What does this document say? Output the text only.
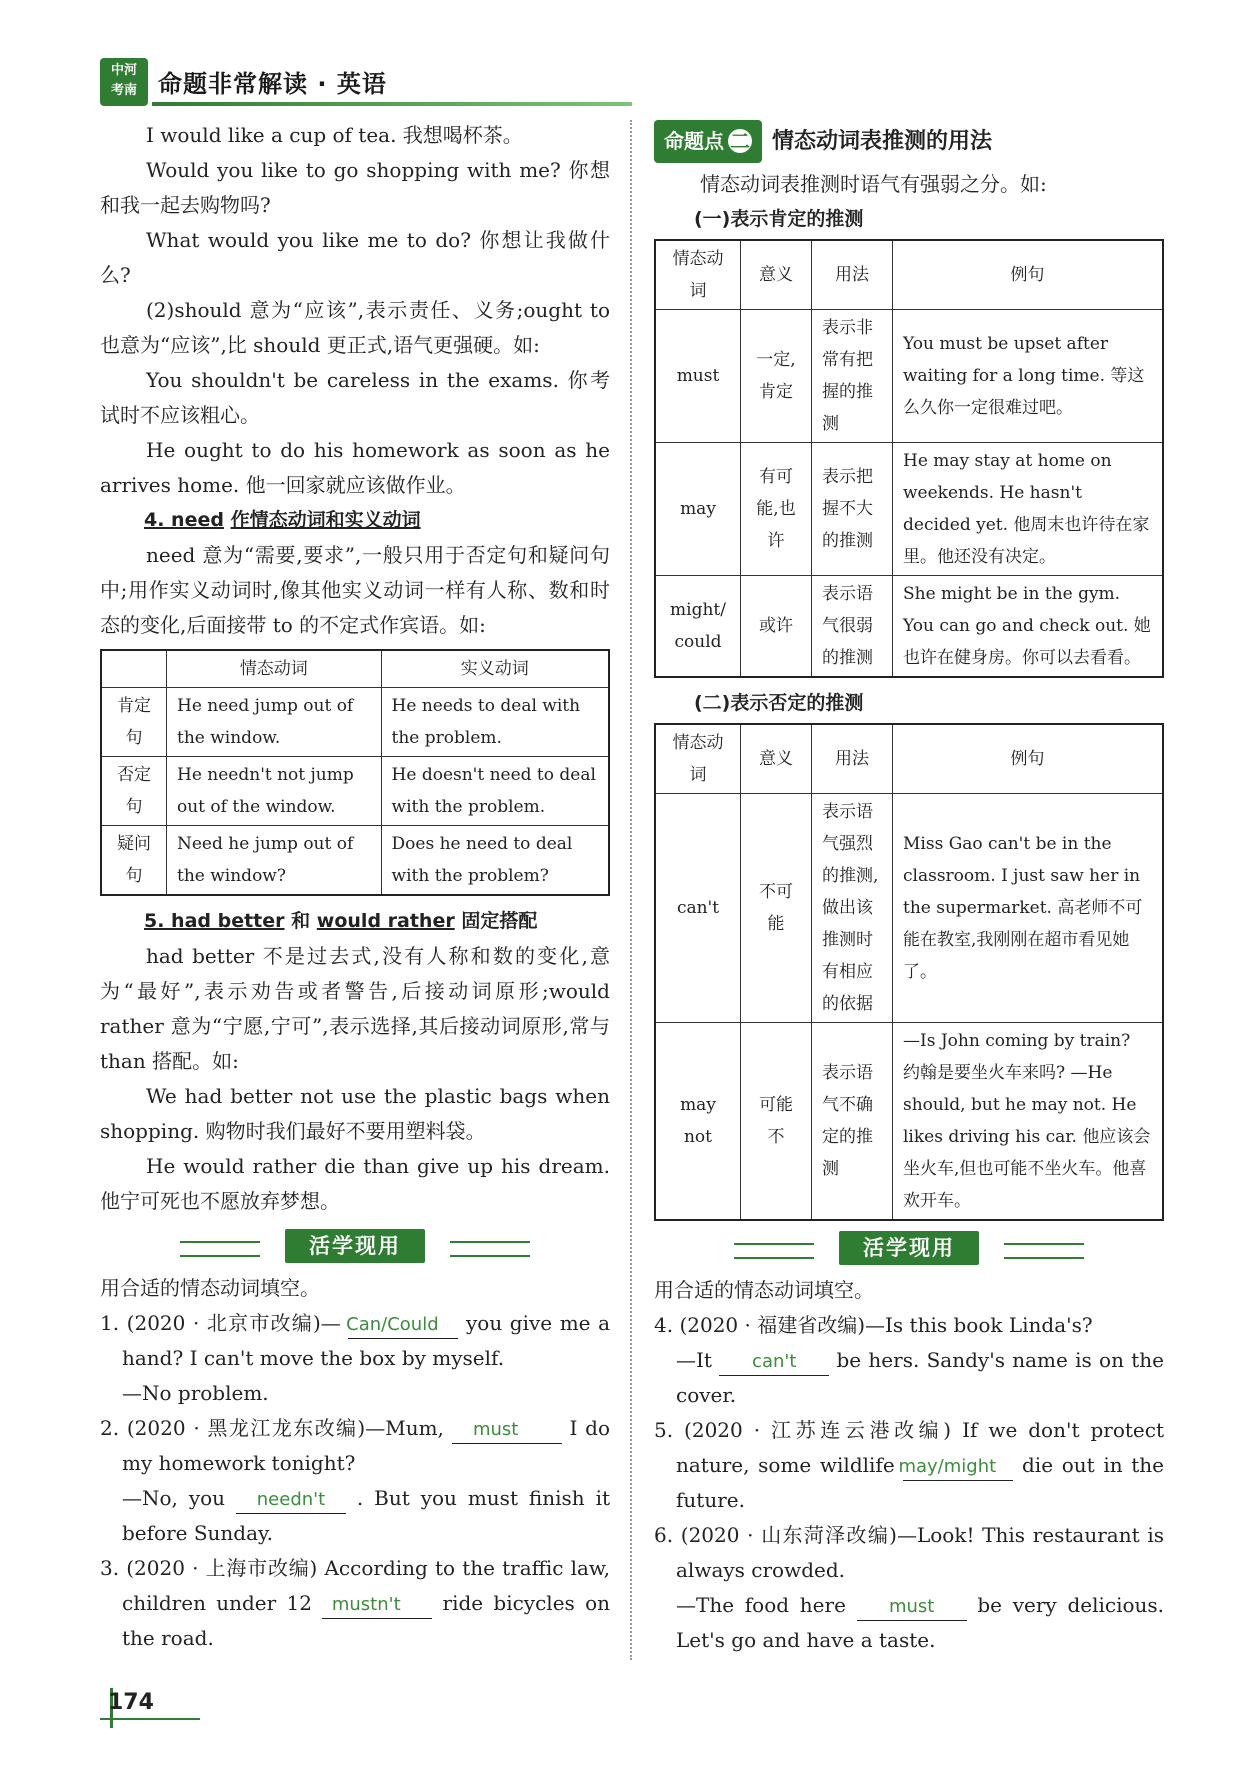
中河
考南 命题非常解读 · 英语

I would like a cup of tea. 我想喝杯茶。

Would you like to go shopping with me? 你想和我一起去购物吗?

What would you like me to do? 你想让我做什么?

(2)should 意为“应该”,表示责任、义务;ought to 也意为“应该”,比 should 更正式,语气更强硬。如:

You shouldn't be careless in the exams. 你考试时不应该粗心。

He ought to do his homework as soon as he arrives home. 他一回家就应该做作业。

4. need 作情态动词和实义动词

need 意为“需要,要求”,一般只用于否定句和疑问句中;用作实义动词时,像其他实义动词一样有人称、数和时态的变化,后面接带 to 的不定式作宾语。如:

	情态动词	实义动词
肯定句	He need jump out of the window.	He needs to deal with the problem.
否定句	He needn't not jump out of the window.	He doesn't need to deal with the problem.
疑问句	Need he jump out of the window?	Does he need to deal with the problem?

5. had better 和 would rather 固定搭配

had better 不是过去式,没有人称和数的变化,意为“最好”,表示劝告或者警告,后接动词原形;would rather 意为“宁愿,宁可”,表示选择,其后接动词原形,常与 than 搭配。如:

We had better not use the plastic bags when shopping. 购物时我们最好不要用塑料袋。

He would rather die than give up his dream. 他宁可死也不愿放弃梦想。

活学现用

用合适的情态动词填空。

1. (2020 · 北京市改编)— Can/Could you give me a hand? I can't move the box by myself.

—No problem.

2. (2020 · 黑龙江龙东改编)—Mum, must	I do my homework tonight?

—No, you needn't . But you must finish it before Sunday.

3. (2020 · 上海市改编) According to the traffic law, children under 12 mustn't ride bicycles on the road.

命题点 二	情态动词表推测的用法

情态动词表推测时语气有强弱之分。如:

(一)表示肯定的推测

情态动词	意义	用法	例句
must	一定,肯定	表示非常有把握的推测	You must be upset after waiting for a long time. 等这么久你一定很难过吧。
may	有可能,也许	表示把握不大的推测	He may stay at home on weekends. He hasn't decided yet. 他周末也许待在家里。他还没有决定。
might/ could	或许	表示语气很弱的推测	She might be in the gym. You can go and check out. 她也许在健身房。你可以去看看。

(二)表示否定的推测

情态动词	意义	用法	例句
can't	不可能	表示语气强烈的推测,做出该推测时有相应的依据	Miss Gao can't be in the classroom. I just saw her in the supermarket. 高老师不可能在教室,我刚刚在超市看见她了。
may not	可能不	表示语气不确定的推测	—Is John coming by train? 约翰是要坐火车来吗? —He should, but he may not. He likes driving his car. 他应该会坐火车,但也可能不坐火车。他喜欢开车。
活学现用

用合适的情态动词填空。

4. (2020 · 福建省改编)—Is this book Linda's?

—It can't be hers. Sandy's name is on the cover.

5. (2020 · 江苏连云港改编) If we don't protect nature, some wildlife may/might die out in the future.

6. (2020 · 山东菏泽改编)—Look! This restaurant is always crowded.

—The food here must be very delicious. Let's go and have a taste.

174
